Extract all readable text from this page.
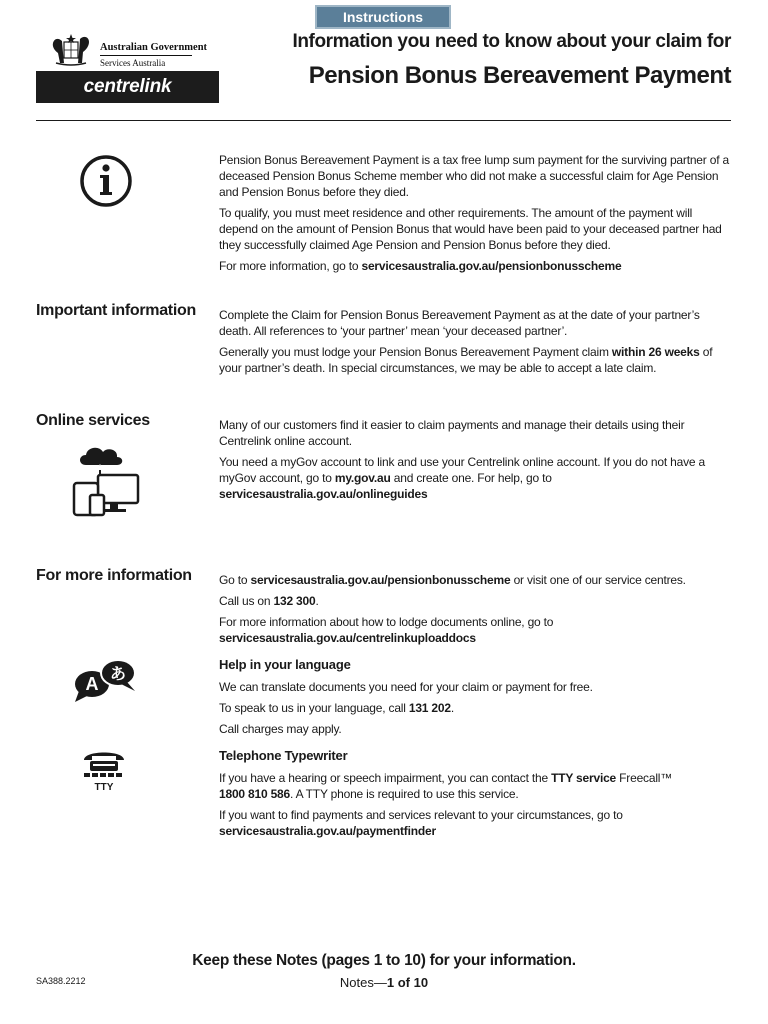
Instructions
Australian Government
Services Australia
centrelink
Information you need to know about your claim for
Pension Bonus Bereavement Payment

Pension Bonus Bereavement Payment is a tax free lump sum payment for the surviving partner of a deceased Pension Bonus Scheme member who did not make a successful claim for Age Pension and Pension Bonus before they died.

To qualify, you must meet residence and other requirements. The amount of the payment will depend on the amount of Pension Bonus that would have been paid to your deceased partner had they successfully claimed Age Pension and Pension Bonus before they died.

For more information, go to servicesaustralia.gov.au/pensionbonusscheme

Important information Complete the Claim for Pension Bonus Bereavement Payment as at the date of your partner’s death. All references to ‘your partner’ mean ‘your deceased partner’.

Generally you must lodge your Pension Bonus Bereavement Payment claim within 26 weeks of your partner’s death. In special circumstances, we may be able to accept a late claim.

Online services	Many of our customers find it easier to claim payments and manage their details using their Centrelink online account.

You need a myGov account to link and use your Centrelink online account. If you do not have a myGov account, go to my.gov.au and create one. For help, go to
servicesaustralia.gov.au/onlineguides

For more information Go to servicesaustralia.gov.au/pensionbonusscheme or visit one of our service centres.

Call us on 132 300.

For more information about how to lodge documents online, go to
servicesaustralia.gov.au/centrelinkuploaddocs

A
あ	Help in your language

We can translate documents you need for your claim or payment for free.

To speak to us in your language, call 131 202.

Call charges may apply.

TTY
Telephone Typewriter

If you have a hearing or speech impairment, you can contact the TTY service Freecall™
1800 810 586. A TTY phone is required to use this service.

If you want to find payments and services relevant to your circumstances, go to
servicesaustralia.gov.au/paymentfinder

Keep these Notes (pages 1 to 10) for your information.
SA388.2212	Notes—1 of 10
